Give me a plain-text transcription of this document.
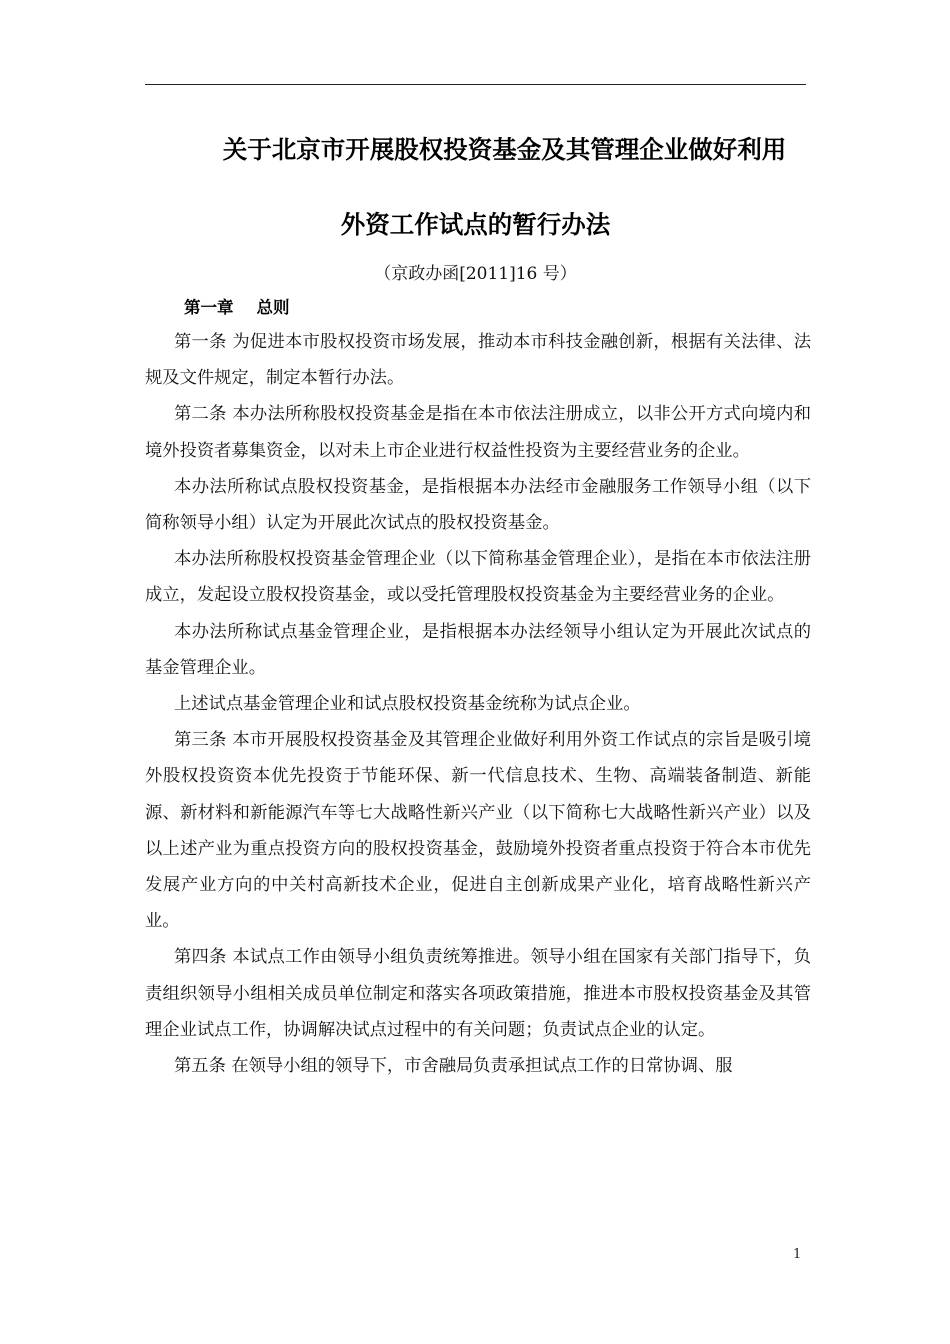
关于北京市开展股权投资基金及其管理企业做好利用
外资工作试点的暂行办法
（京政办函[2011]16 号）
第一章 总则

第一条 为促进本市股权投资市场发展，推动本市科技金融创新，根据有关法律、法规及文件规定，制定本暂行办法。

第二条 本办法所称股权投资基金是指在本市依法注册成立，以非公开方式向境内和境外投资者募集资金，以对未上市企业进行权益性投资为主要经营业务的企业。

本办法所称试点股权投资基金，是指根据本办法经市金融服务工作领导小组（以下简称领导小组）认定为开展此次试点的股权投资基金。

本办法所称股权投资基金管理企业（以下简称基金管理企业），是指在本市依法注册成立，发起设立股权投资基金，或以受托管理股权投资基金为主要经营业务的企业。

本办法所称试点基金管理企业，是指根据本办法经领导小组认定为开展此次试点的基金管理企业。

上述试点基金管理企业和试点股权投资基金统称为试点企业。

第三条 本市开展股权投资基金及其管理企业做好利用外资工作试点的宗旨是吸引境外股权投资资本优先投资于节能环保、新一代信息技术、生物、高端装备制造、新能源、新材料和新能源汽车等七大战略性新兴产业（以下简称七大战略性新兴产业）以及以上述产业为重点投资方向的股权投资基金，鼓励境外投资者重点投资于符合本市优先发展产业方向的中关村高新技术企业，促进自主创新成果产业化，培育战略性新兴产业。

第四条 本试点工作由领导小组负责统筹推进。领导小组在国家有关部门指导下，负责组织领导小组相关成员单位制定和落实各项政策措施，推进本市股权投资基金及其管理企业试点工作，协调解决试点过程中的有关问题；负责试点企业的认定。

第五条 在领导小组的领导下，市舍融局负责承担试点工作的日常协调、服

1
